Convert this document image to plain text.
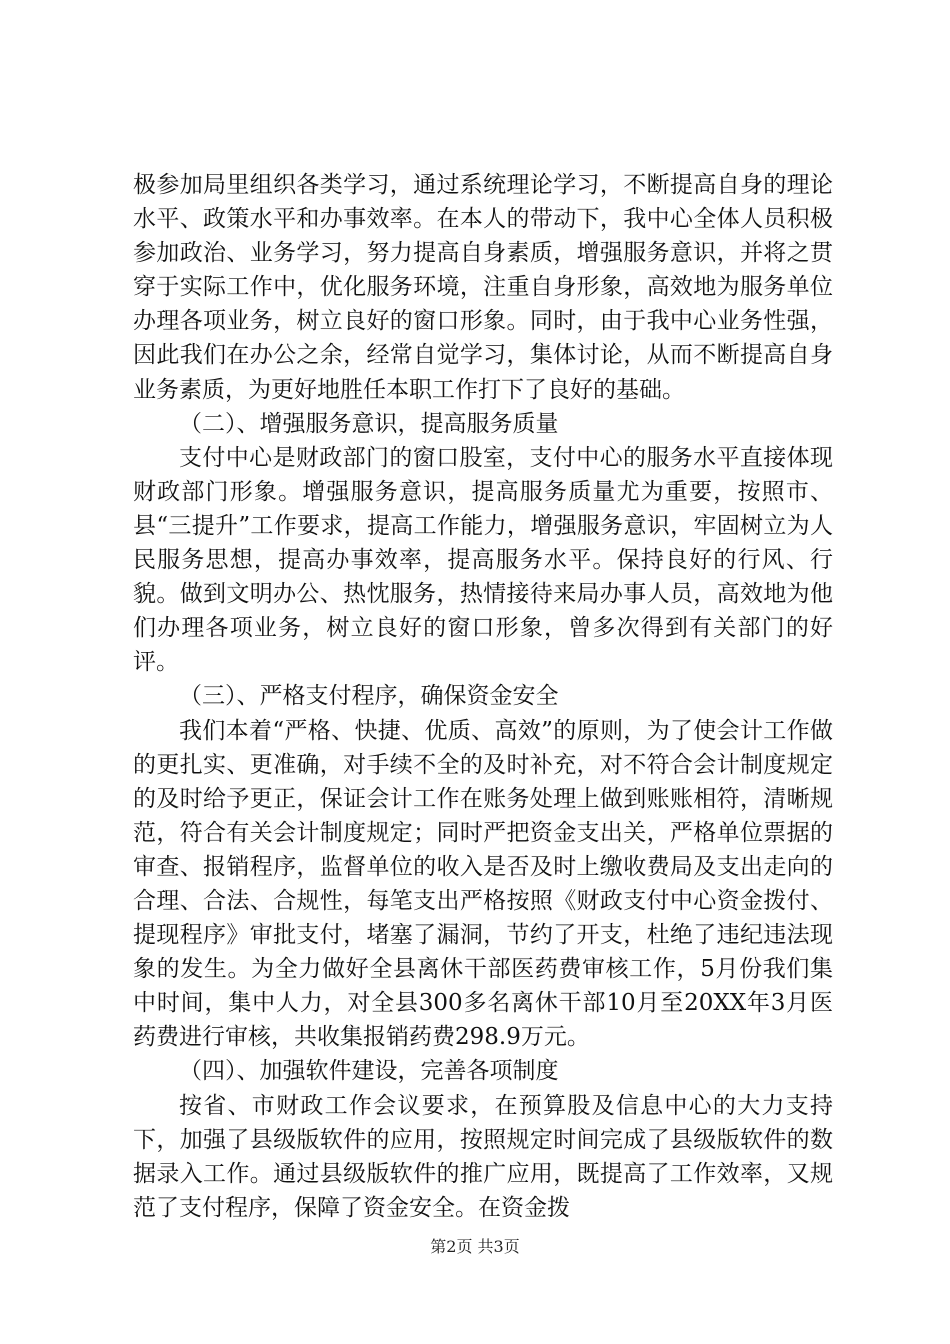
极参加局里组织各类学习，通过系统理论学习，不断提高自身的理论水平、政策水平和办事效率。在本人的带动下，我中心全体人员积极参加政治、业务学习，努力提高自身素质，增强服务意识，并将之贯穿于实际工作中，优化服务环境，注重自身形象，高效地为服务单位办理各项业务，树立良好的窗口形象。同时，由于我中心业务性强，因此我们在办公之余，经常自觉学习，集体讨论，从而不断提高自身业务素质，为更好地胜任本职工作打下了良好的基础。

（二）、增强服务意识，提高服务质量

支付中心是财政部门的窗口股室，支付中心的服务水平直接体现财政部门形象。增强服务意识，提高服务质量尤为重要，按照市、县“三提升”工作要求，提高工作能力，增强服务意识，牢固树立为人民服务思想，提高办事效率，提高服务水平。保持良好的行风、行貌。做到文明办公、热忱服务，热情接待来局办事人员，高效地为他们办理各项业务，树立良好的窗口形象，曾多次得到有关部门的好评。

（三）、严格支付程序，确保资金安全

我们本着“严格、快捷、优质、高效”的原则，为了使会计工作做的更扎实、更准确，对手续不全的及时补充，对不符合会计制度规定的及时给予更正，保证会计工作在账务处理上做到账账相符，清晰规范，符合有关会计制度规定；同时严把资金支出关，严格单位票据的审查、报销程序，监督单位的收入是否及时上缴收费局及支出走向的合理、合法、合规性，每笔支出严格按照《财政支付中心资金拨付、提现程序》审批支付，堵塞了漏洞，节约了开支，杜绝了违纪违法现象的发生。为全力做好全县离休干部医药费审核工作，5月份我们集中时间，集中人力，对全县300多名离休干部10月至20XX年3月医药费进行审核，共收集报销药费298.9万元。

（四）、加强软件建设，完善各项制度

按省、市财政工作会议要求，在预算股及信息中心的大力支持下，加强了县级版软件的应用，按照规定时间完成了县级版软件的数据录入工作。通过县级版软件的推广应用，既提高了工作效率，又规范了支付程序，保障了资金安全。在资金拨

第2页 共3页
